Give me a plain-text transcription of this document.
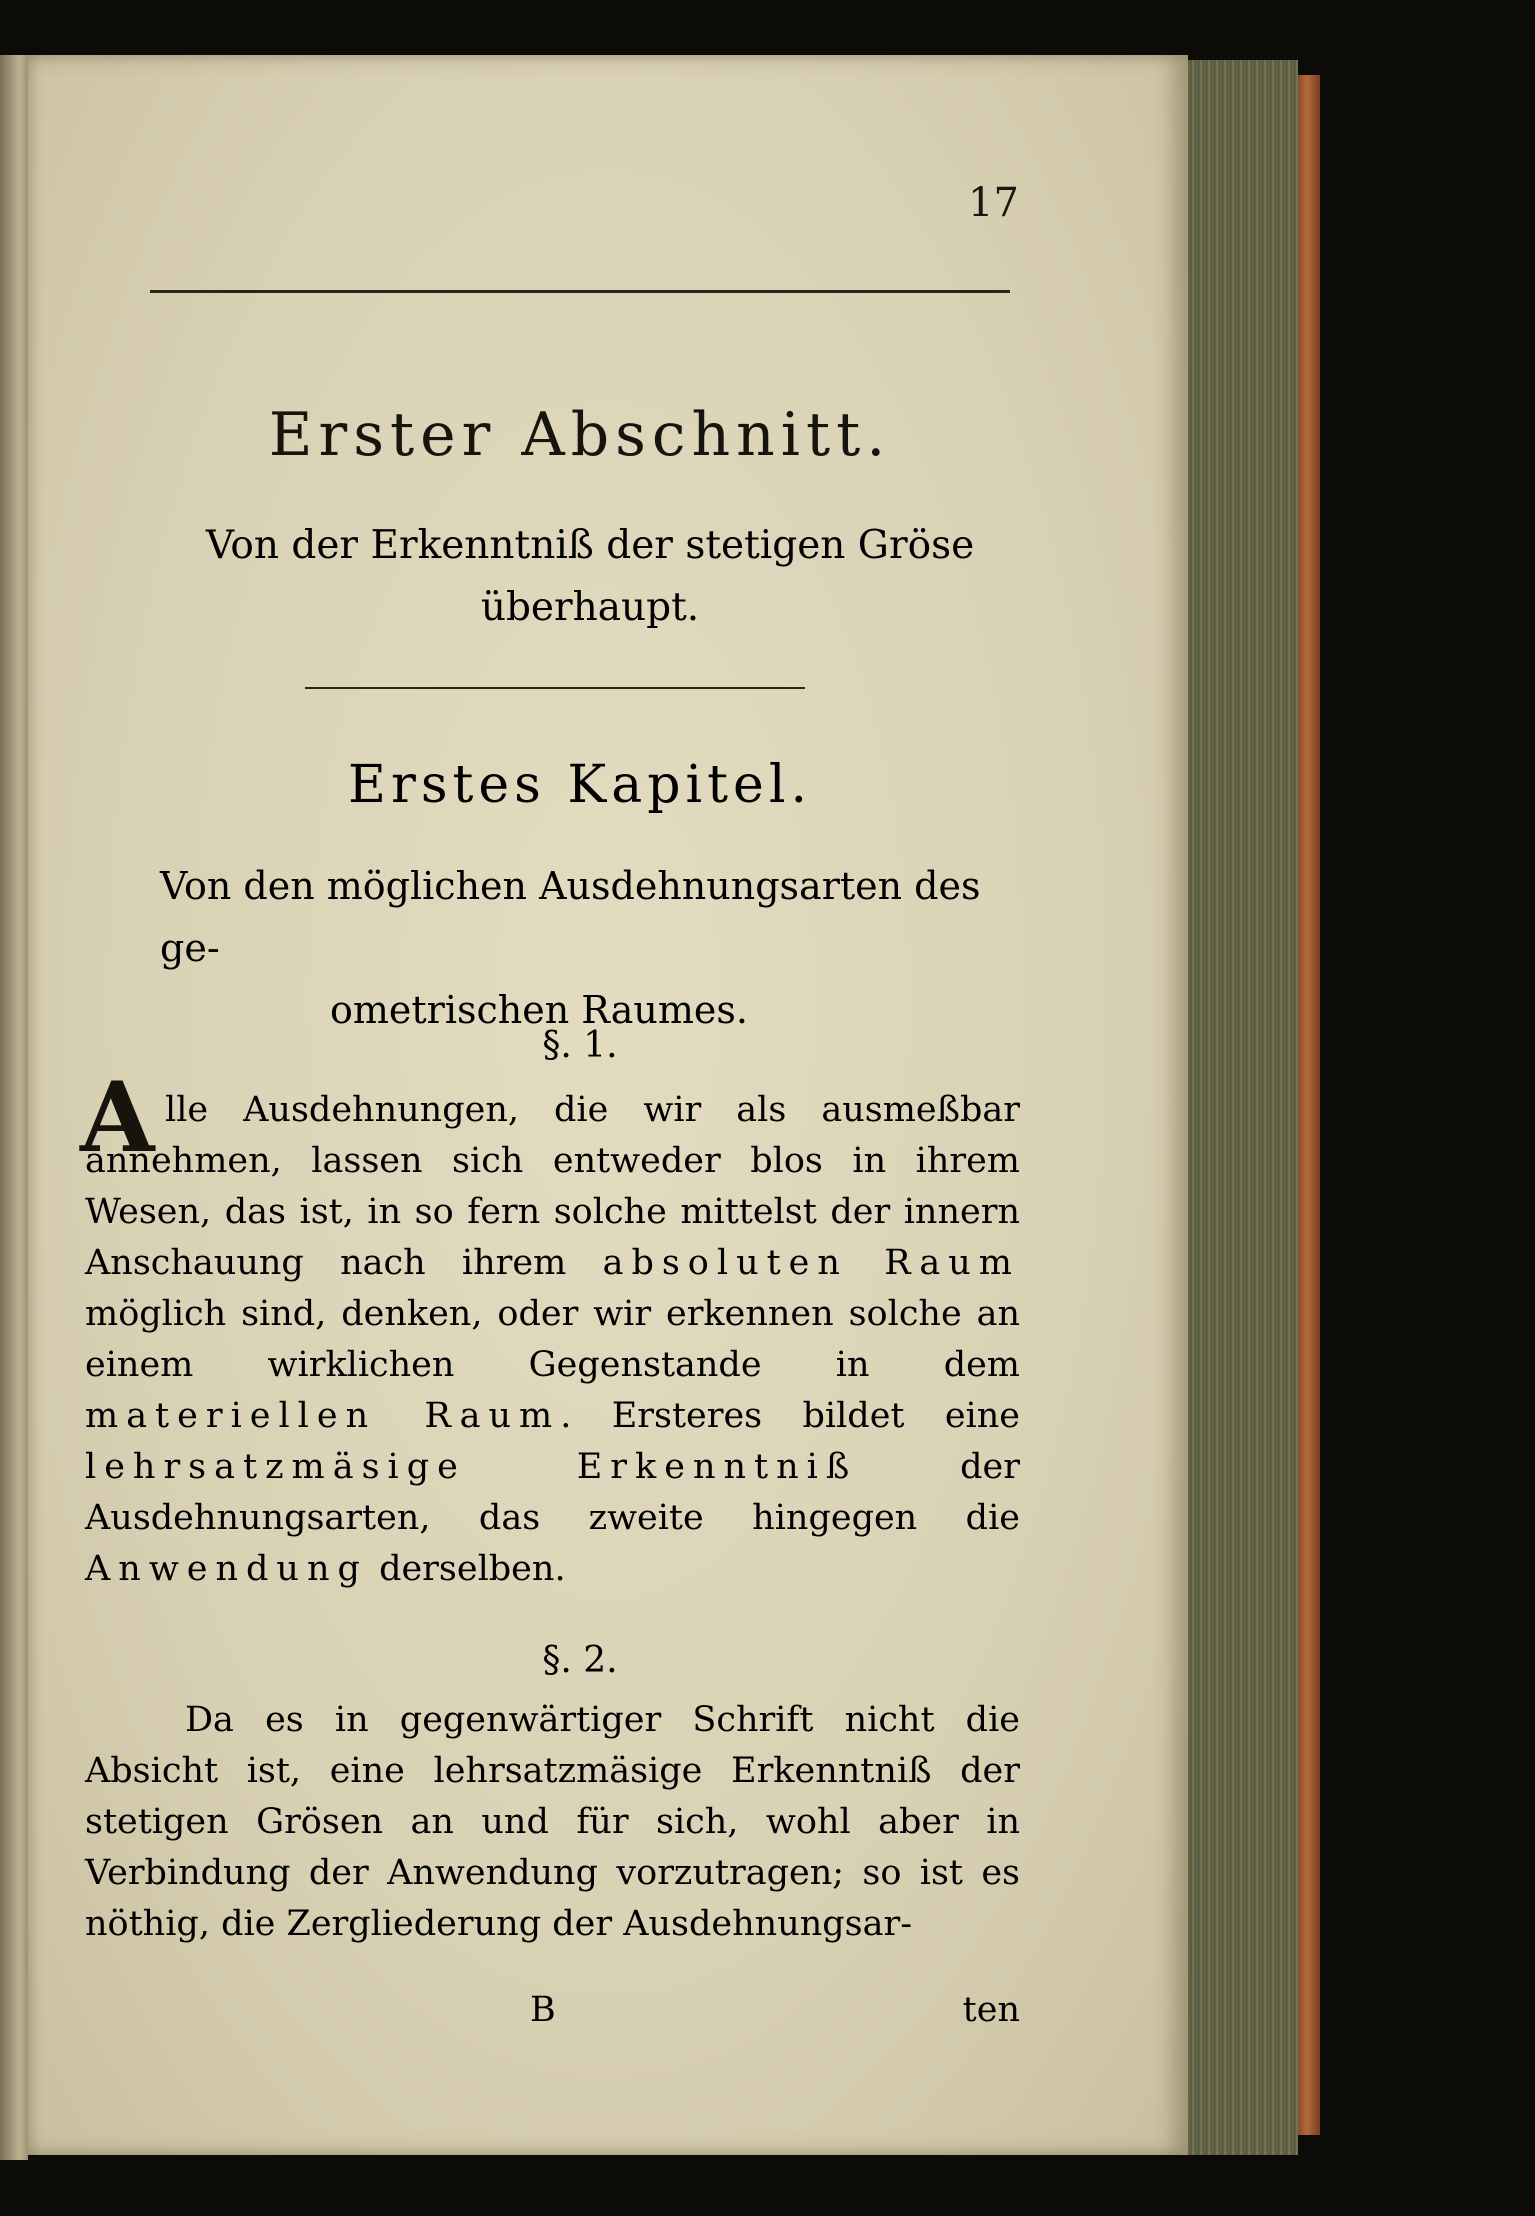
17
Erster Abschnitt.
Von der Erkenntniß der stetigen Gröse überhaupt.
Erstes Kapitel.
Von den möglichen Ausdehnungsarten des ge-
ometrischen Raumes.
§. 1.
A lle Ausdehnungen, die wir als ausmeßbar annehmen, lassen sich entweder blos in ihrem Wesen, das ist, in so fern solche mittelst der innern Anschauung nach ihrem absoluten Raum möglich sind, denken, oder wir erkennen solche an einem wirklichen Gegenstande in dem materiellen Raum. Ersteres bildet eine lehrsatzmäsige Erkenntniß der Ausdehnungsarten, das zweite hingegen die Anwendung derselben.
§. 2.
Da es in gegenwärtiger Schrift nicht die Absicht ist, eine lehrsatzmäsige Erkenntniß der stetigen Grösen an und für sich, wohl aber in Verbindung der Anwendung vorzutragen; so ist es nöthig, die Zergliederung der Ausdehnungsar-
B	ten
